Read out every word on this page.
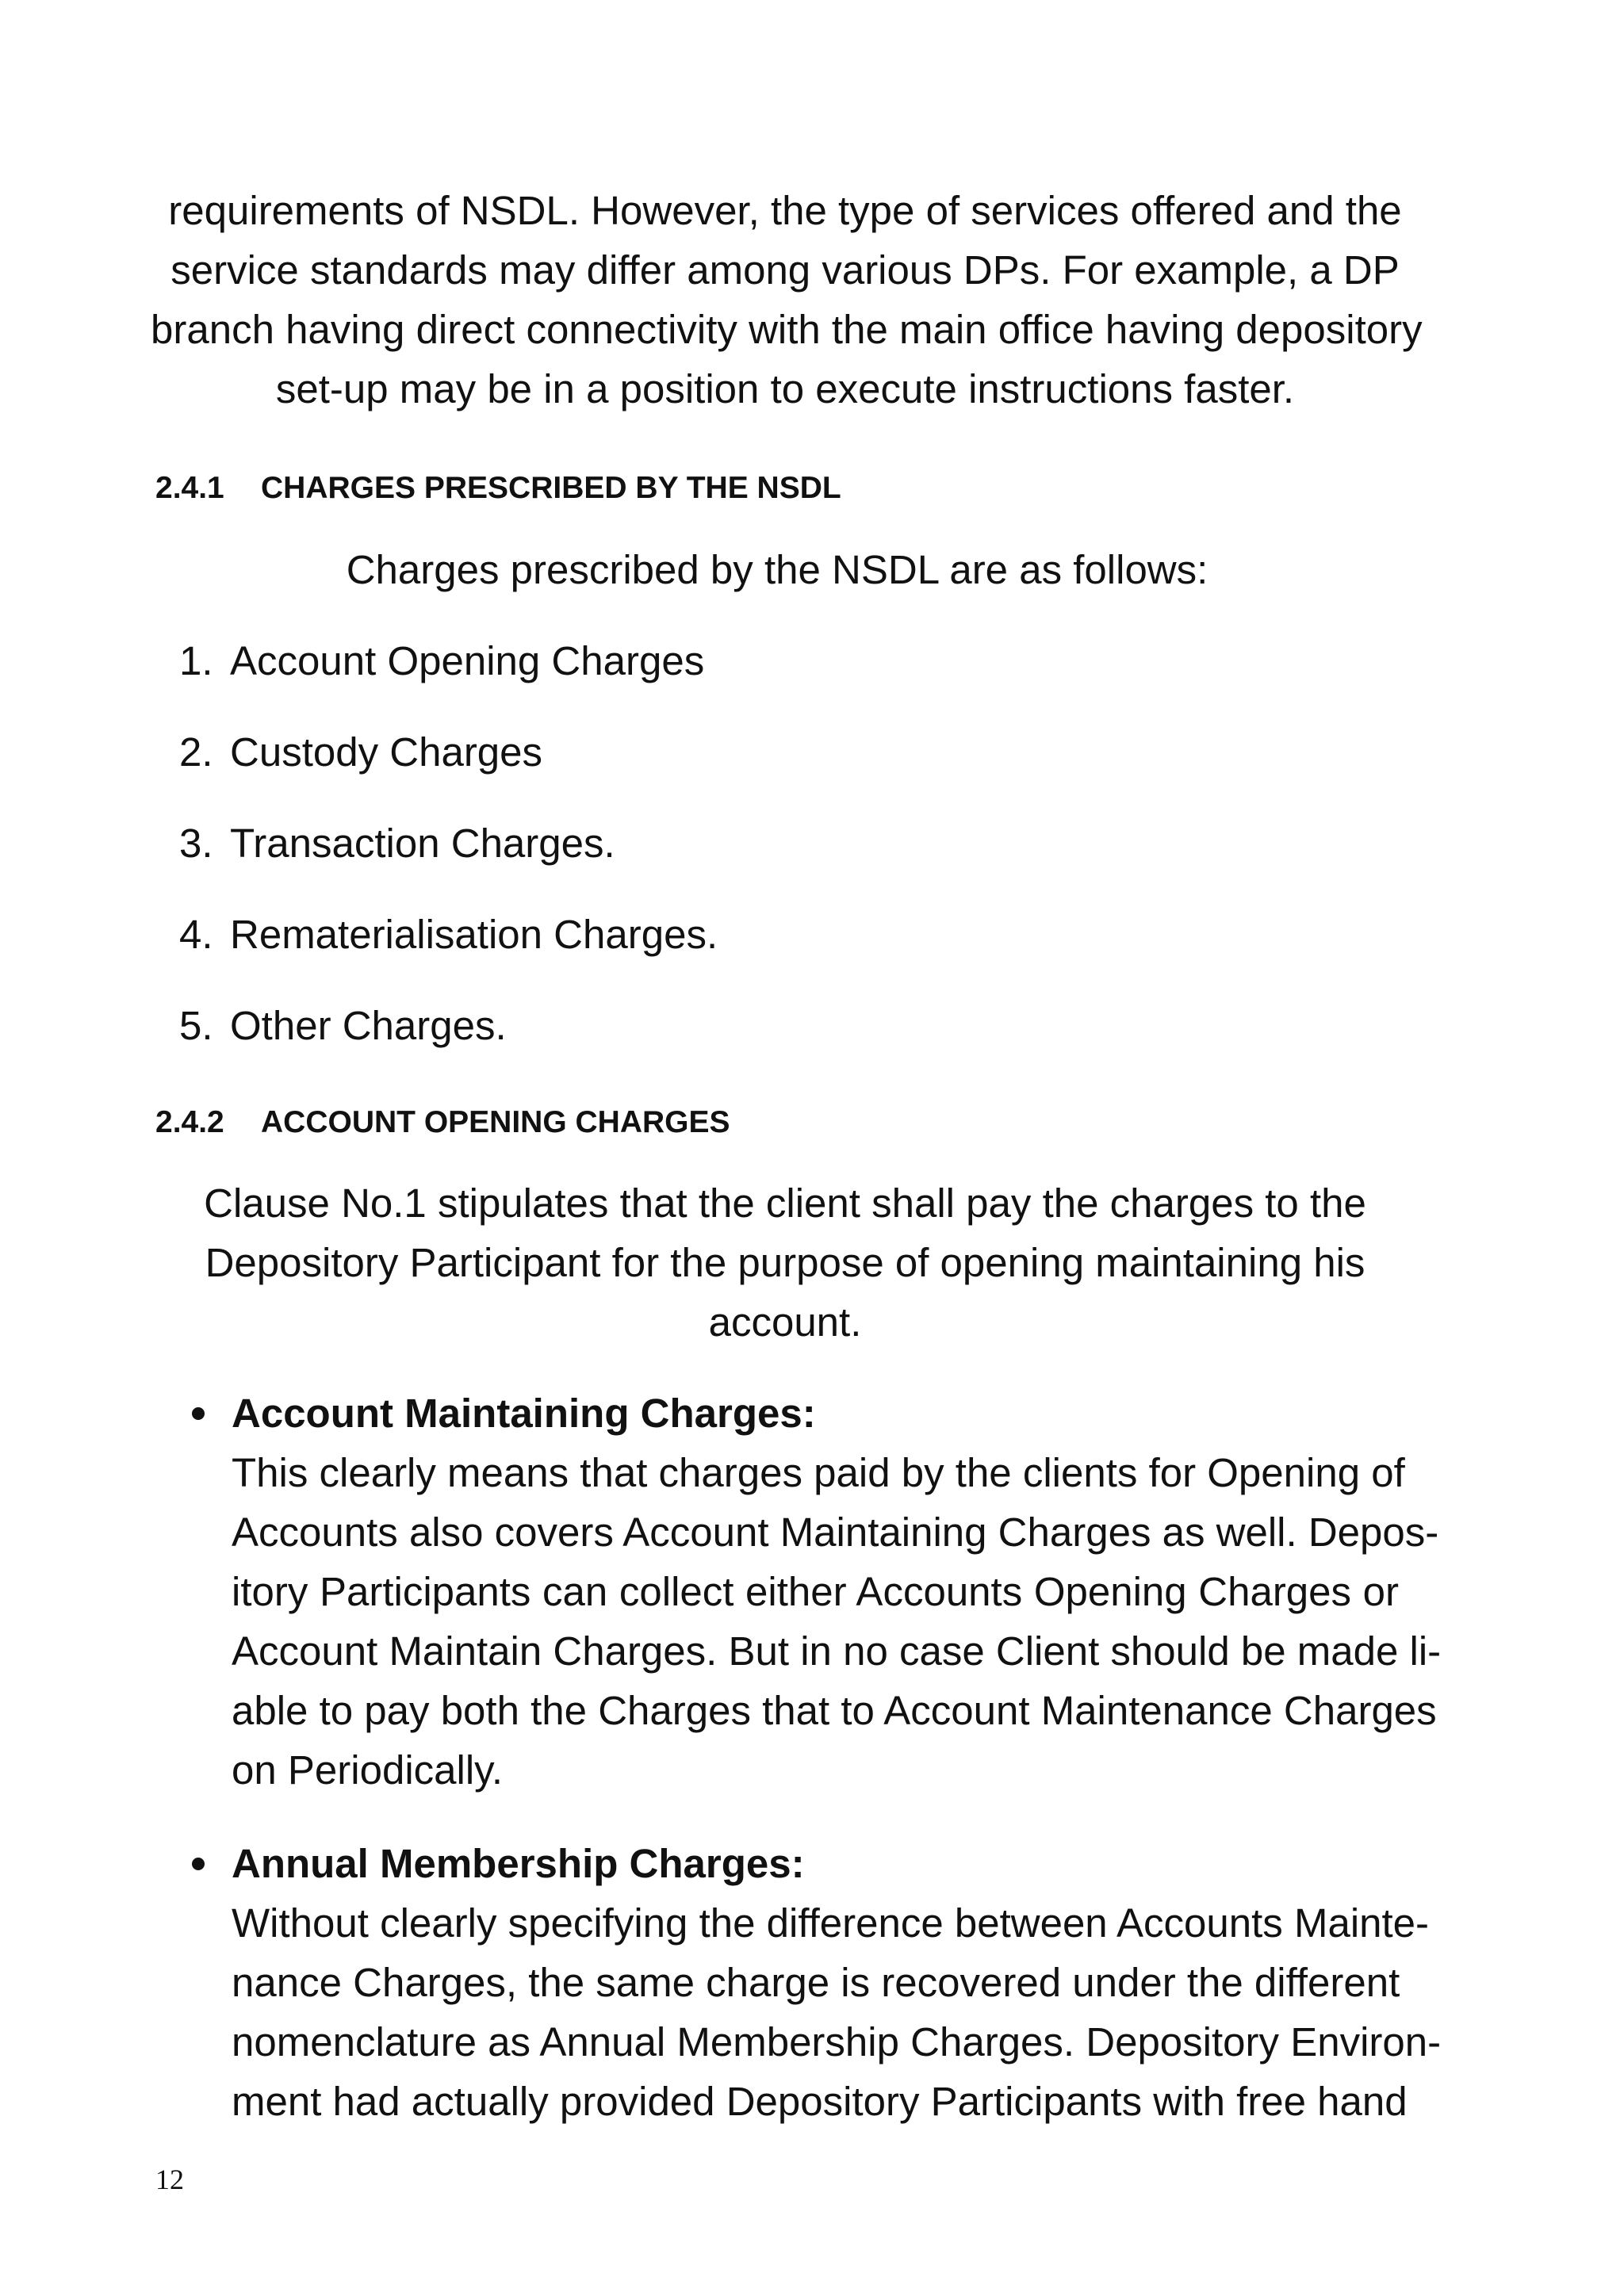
requirements of NSDL. However, the type of services offered and the
service standards may differ among various DPs. For example, a DP
branch having direct connectivity with the main office having depository
set-up may be in a position to execute instructions faster.
2.4.1 CHARGES PRESCRIBED BY THE NSDL
Charges prescribed by the NSDL are as follows:
1. Account Opening Charges
2. Custody Charges
3. Transaction Charges.
4. Rematerialisation Charges.
5. Other Charges.
2.4.2 ACCOUNT OPENING CHARGES
Clause No.1 stipulates that the client shall pay the charges to the
Depository Participant for the purpose of opening maintaining his
account.
Account Maintaining Charges:
This clearly means that charges paid by the clients for Opening of
Accounts also covers Account Maintaining Charges as well. Depos-
itory Participants can collect either Accounts Opening Charges or
Account Maintain Charges. But in no case Client should be made li-
able to pay both the Charges that to Account Maintenance Charges
on Periodically.
Annual Membership Charges:
Without clearly specifying the difference between Accounts Mainte-
nance Charges, the same charge is recovered under the different
nomenclature as Annual Membership Charges. Depository Environ-
ment had actually provided Depository Participants with free hand
12
